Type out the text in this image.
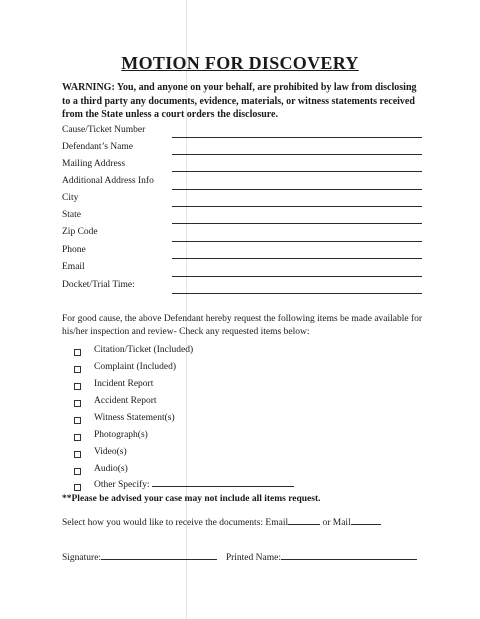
MOTION FOR DISCOVERY
WARNING: You, and anyone on your behalf, are prohibited by law from disclosing to a third party any documents, evidence, materials, or witness statements received from the State unless a court orders the disclosure.
Cause/Ticket Number
Defendant’s Name
Mailing Address
Additional Address Info
City
State
Zip Code
Phone
Email
Docket/Trial Time:
For good cause, the above Defendant hereby request the following items be made available for his/her inspection and review- Check any requested items below:
Citation/Ticket (Included)
Complaint (Included)
Incident Report
Accident Report
Witness Statement(s)
Photograph(s)
Video(s)
Audio(s)
Other Specify:
**Please be advised your case may not include all items request.
Select how you would like to receive the documents: Email	or Mail
Signature:	Printed Name:
